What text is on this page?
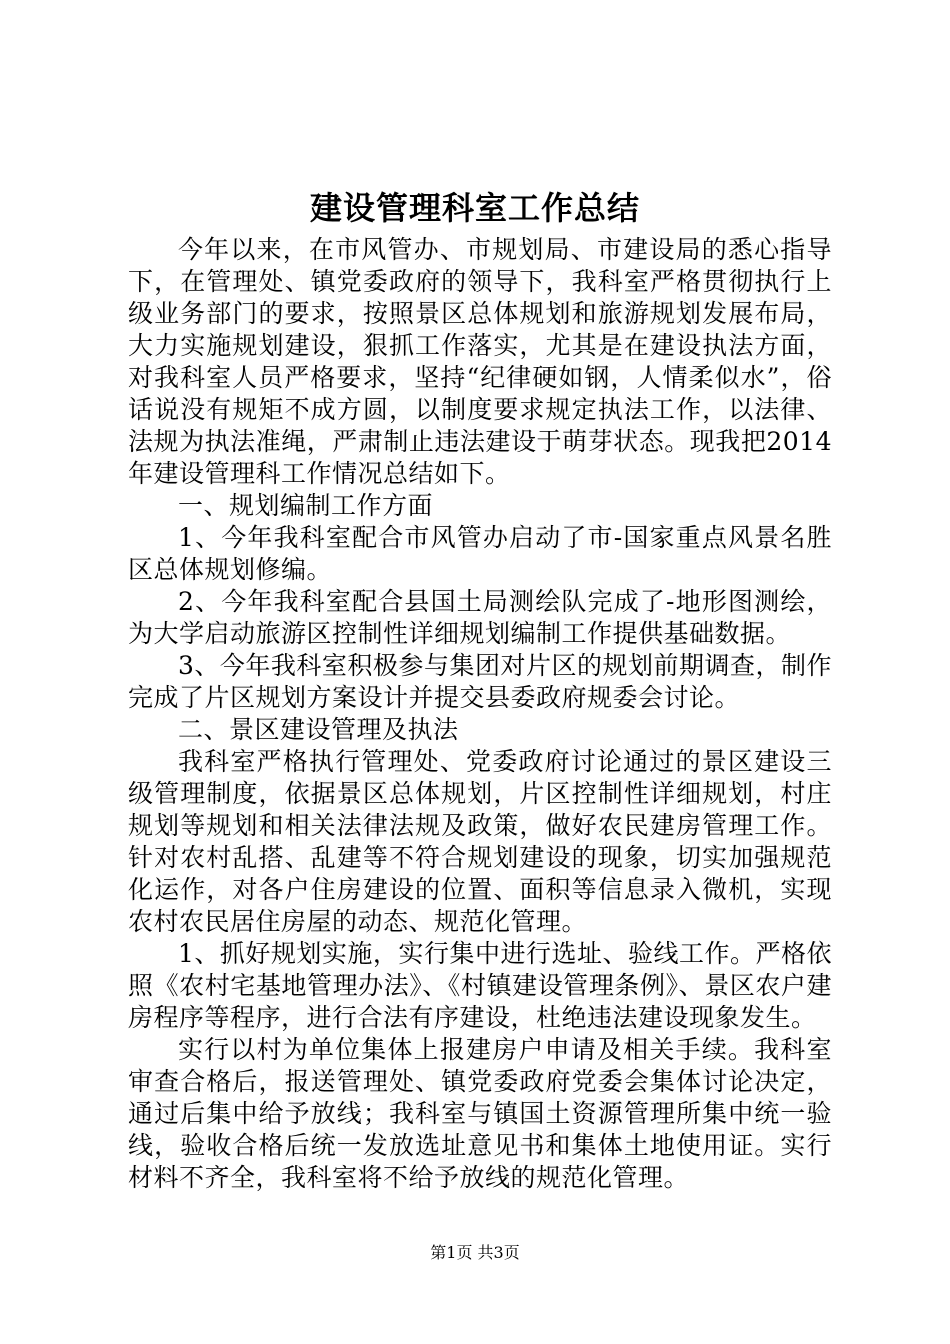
建设管理科室工作总结

今年以来，在市风管办、市规划局、市建设局的悉心指导下，在管理处、镇党委政府的领导下，我科室严格贯彻执行上级业务部门的要求，按照景区总体规划和旅游规划发展布局，大力实施规划建设，狠抓工作落实，尤其是在建设执法方面，对我科室人员严格要求，坚持“纪律硬如钢，人情柔似水”，俗话说没有规矩不成方圆，以制度要求规定执法工作，以法律、法规为执法准绳，严肃制止违法建设于萌芽状态。现我把2014年建设管理科工作情况总结如下。

一、规划编制工作方面

1、今年我科室配合市风管办启动了市-国家重点风景名胜区总体规划修编。

2、今年我科室配合县国土局测绘队完成了-地形图测绘，为大学启动旅游区控制性详细规划编制工作提供基础数据。

3、今年我科室积极参与集团对片区的规划前期调查，制作完成了片区规划方案设计并提交县委政府规委会讨论。

二、景区建设管理及执法

我科室严格执行管理处、党委政府讨论通过的景区建设三级管理制度，依据景区总体规划，片区控制性详细规划，村庄规划等规划和相关法律法规及政策，做好农民建房管理工作。针对农村乱搭、乱建等不符合规划建设的现象，切实加强规范化运作，对各户住房建设的位置、面积等信息录入微机，实现农村农民居住房屋的动态、规范化管理。

1、抓好规划实施，实行集中进行选址、验线工作。严格依照《农村宅基地管理办法》、《村镇建设管理条例》、景区农户建房程序等程序，进行合法有序建设，杜绝违法建设现象发生。

实行以村为单位集体上报建房户申请及相关手续。我科室审查合格后，报送管理处、镇党委政府党委会集体讨论决定，通过后集中给予放线；我科室与镇国土资源管理所集中统一验线，验收合格后统一发放选址意见书和集体土地使用证。实行材料不齐全，我科室将不给予放线的规范化管理。

第1页 共3页
